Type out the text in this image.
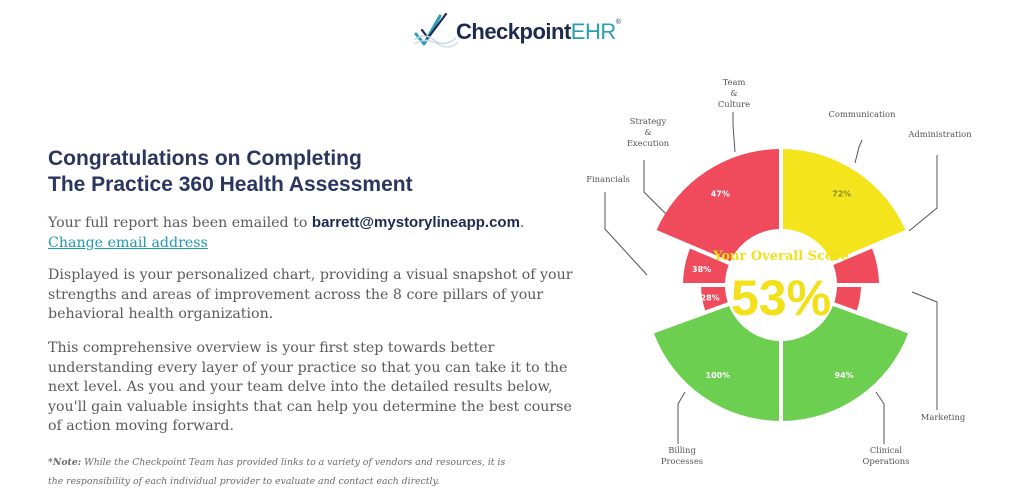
CheckpointEHR®
Congratulations on Completing
The Practice 360 Health Assessment

Your full report has been emailed to barrett@mystorylineapp.com.
Change email address

Displayed is your personalized chart, providing a visual snapshot of your strengths and areas of improvement across the 8 core pillars of your behavioral health organization.

This comprehensive overview is your first step towards better understanding every layer of your practice so that you can take it to the next level. As you and your team delve into the detailed results below, you'll gain valuable insights that can help you determine the best course of action moving forward.

*Note: While the Checkpoint Team has provided links to a variety of vendors and resources, it is the responsibility of each individual provider to evaluate and contact each directly.

72%
Communication
Administration
Marketing
94%
Clinical Operations
100%
Billing Processes
28%
Financials
38%
Strategy & Execution
47%
Team & Culture
Your Overall Score
53%
